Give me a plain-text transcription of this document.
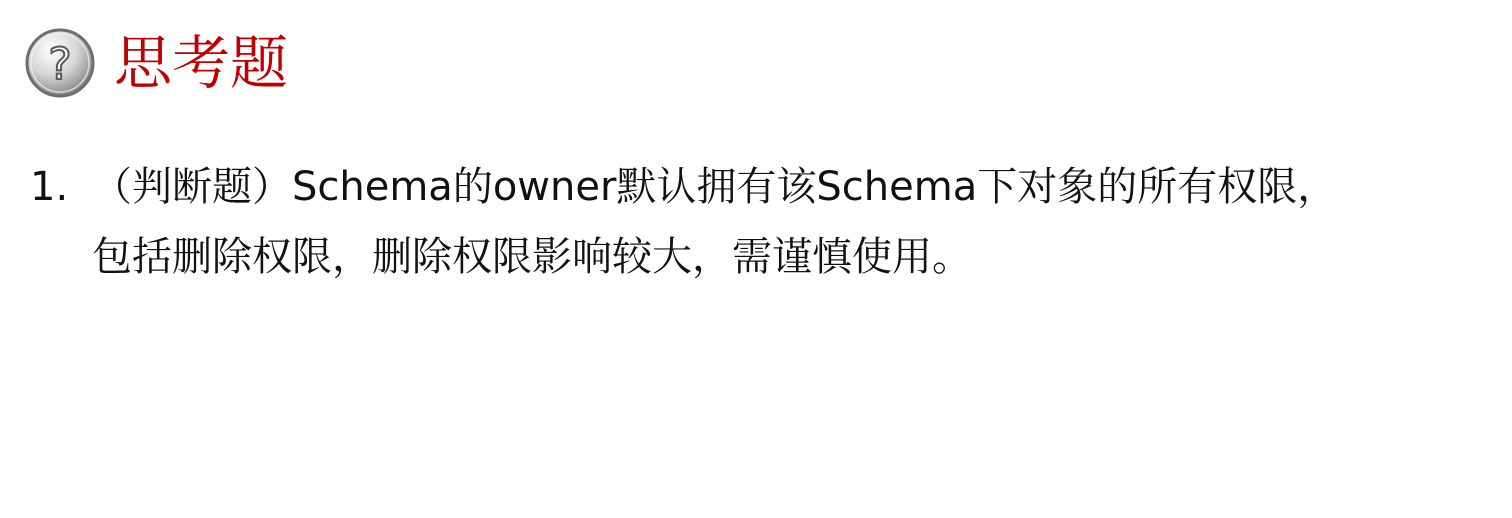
? 思考题
1. （判断题）Schema的owner默认拥有该Schema下对象的所有权限，
包括删除权限，删除权限影响较大，需谨慎使用。
